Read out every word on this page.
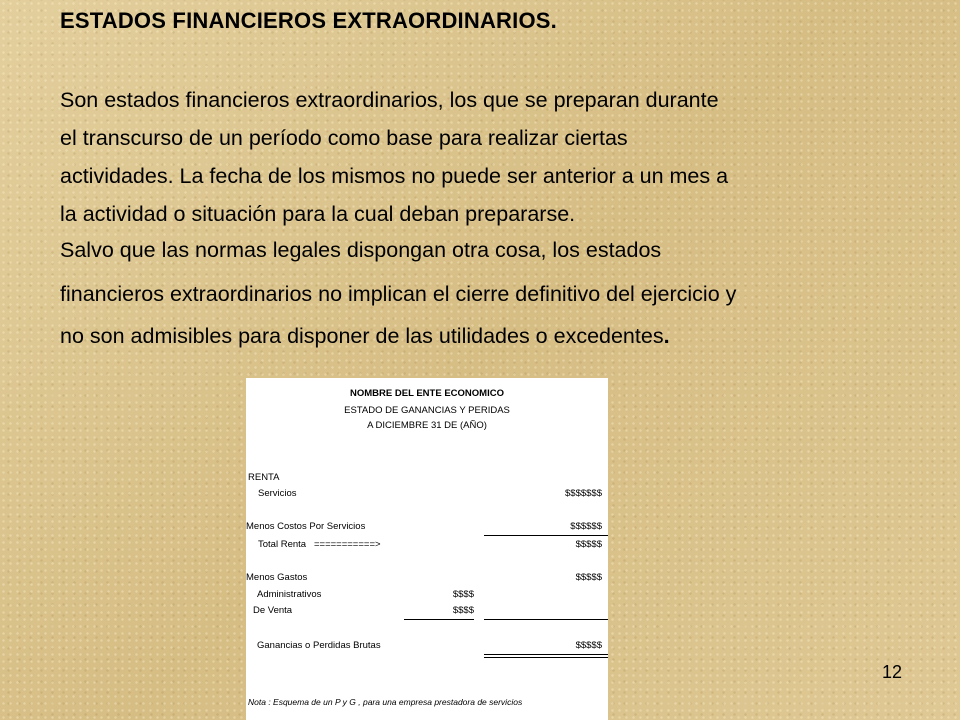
ESTADOS FINANCIEROS EXTRAORDINARIOS.
Son estados financieros extraordinarios, los que se preparan durante
el transcurso de un período como base para realizar ciertas
actividades. La fecha de los mismos no puede ser anterior a un mes a
la actividad o situación para la cual deban prepararse.
Salvo que las normas legales dispongan otra cosa, los estados
financieros extraordinarios no implican el cierre definitivo del ejercicio y
no son admisibles para disponer de las utilidades o excedentes.
NOMBRE DEL ENTE ECONOMICO
ESTADO DE GANANCIAS Y PERIDAS
A DICIEMBRE 31 DE (AÑO)
RENTA
Servicios	$$$$$$$
Menos Costos Por Servicios	$$$$$$
Total Renta   ===========>	$$$$$
Menos Gastos	$$$$$
Administrativos	$$$$
De Venta	$$$$
Ganancias o Perdidas Brutas	$$$$$
Nota : Esquema de un P y G , para una empresa prestadora de servicios
12
